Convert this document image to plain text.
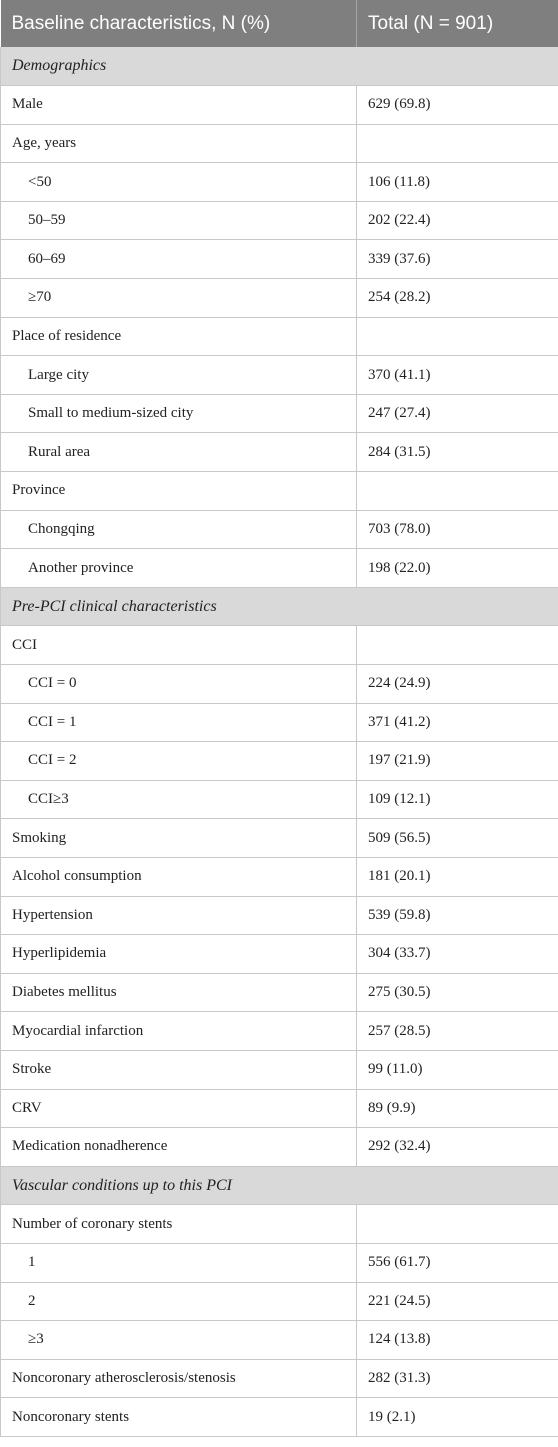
Baseline characteristics, N (%)	Total (N = 901)
Demographics	
Male	629 (69.8)
Age, years	
<50	106 (11.8)
50–59	202 (22.4)
60–69	339 (37.6)
≥70	254 (28.2)
Place of residence	
Large city	370 (41.1)
Small to medium-sized city	247 (27.4)
Rural area	284 (31.5)
Province	
Chongqing	703 (78.0)
Another province	198 (22.0)
Pre-PCI clinical characteristics	
CCI	
CCI = 0	224 (24.9)
CCI = 1	371 (41.2)
CCI = 2	197 (21.9)
CCI≥3	109 (12.1)
Smoking	509 (56.5)
Alcohol consumption	181 (20.1)
Hypertension	539 (59.8)
Hyperlipidemia	304 (33.7)
Diabetes mellitus	275 (30.5)
Myocardial infarction	257 (28.5)
Stroke	99 (11.0)
CRV	89 (9.9)
Medication nonadherence	292 (32.4)
Vascular conditions up to this PCI	
Number of coronary stents	
1	556 (61.7)
2	221 (24.5)
≥3	124 (13.8)
Noncoronary atherosclerosis/stenosis	282 (31.3)
Noncoronary stents	19 (2.1)
